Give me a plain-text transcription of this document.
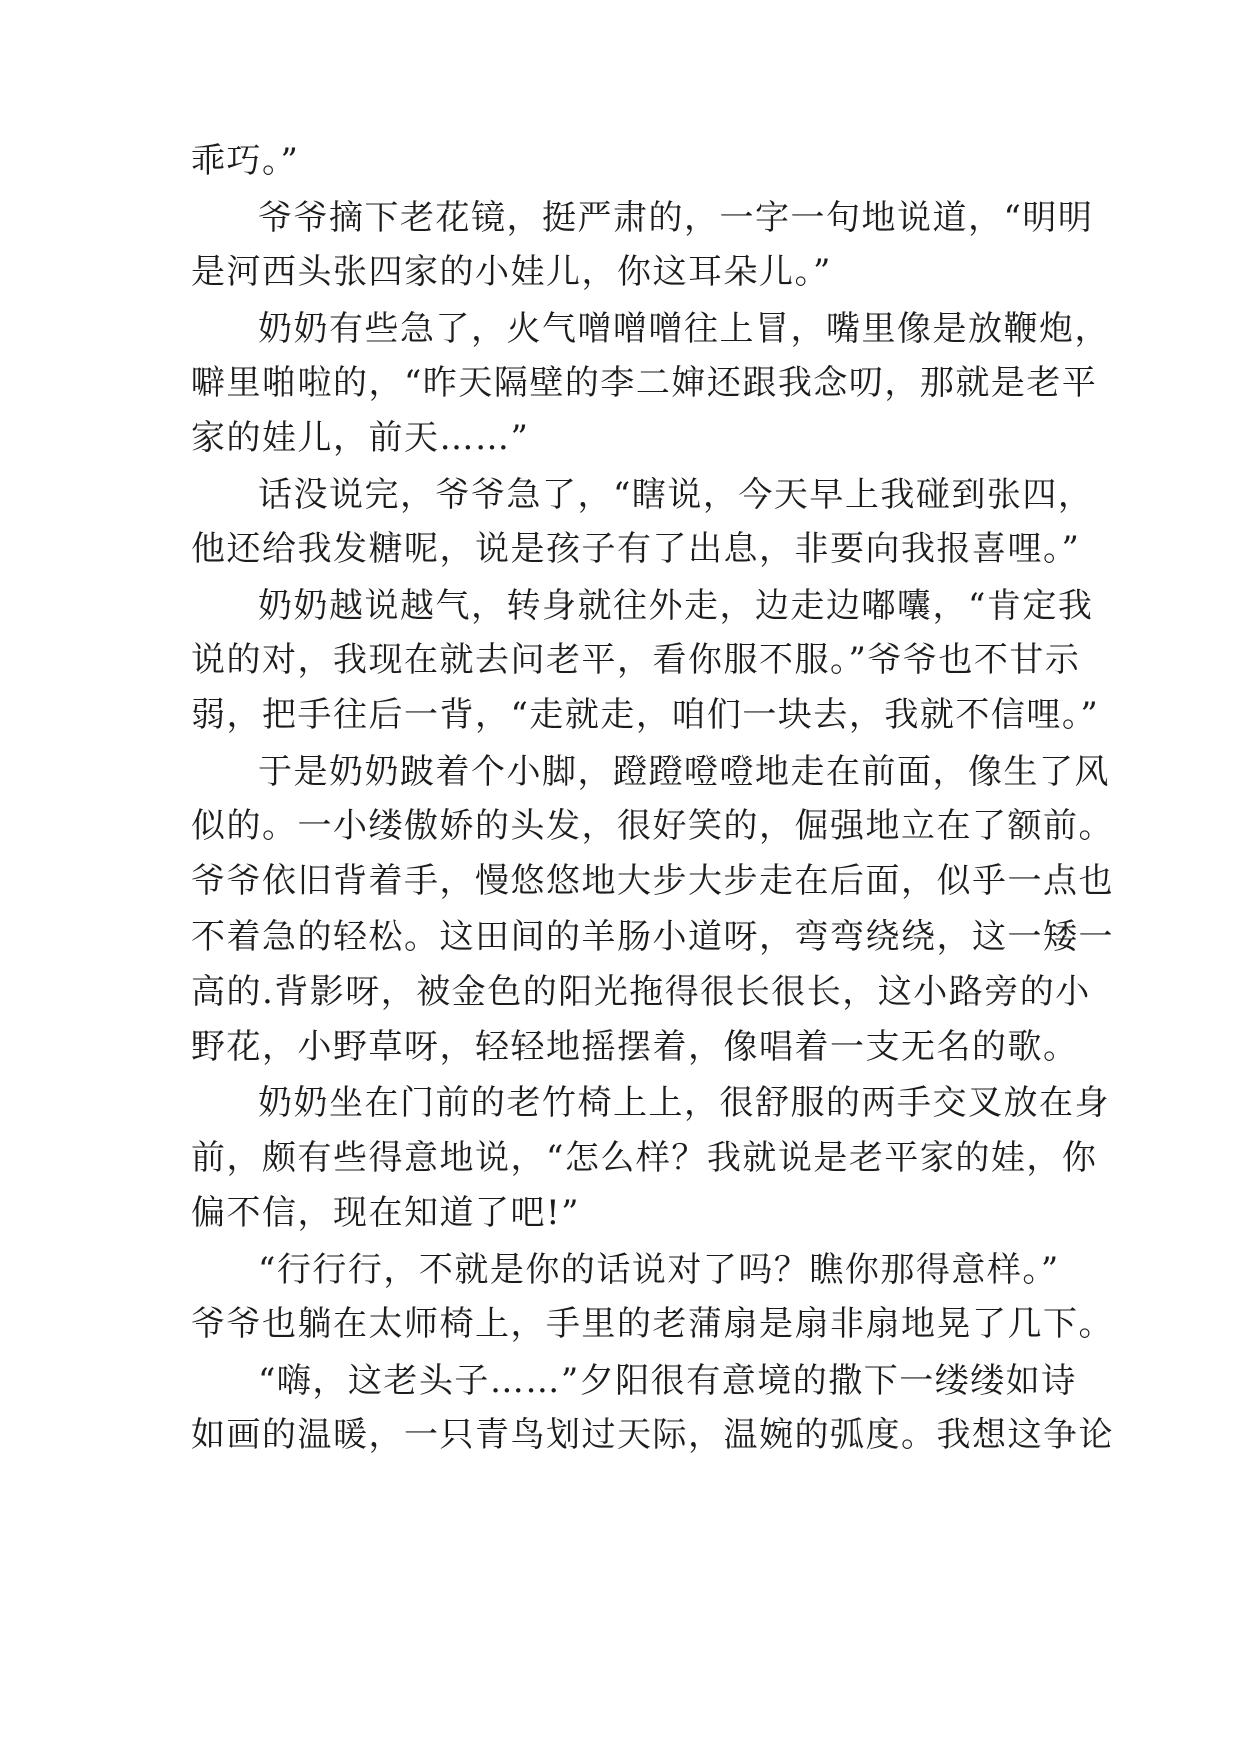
乖巧。”
爷爷摘下老花镜，挺严肃的，一字一句地说道，“明明
是河西头张四家的小娃儿，你这耳朵儿。”
奶奶有些急了，火气噌噌噌往上冒，嘴里像是放鞭炮，
噼里啪啦的，“昨天隔壁的李二婶还跟我念叨，那就是老平
家的娃儿，前天……”
话没说完，爷爷急了，“瞎说，今天早上我碰到张四，
他还给我发糖呢，说是孩子有了出息，非要向我报喜哩。”
奶奶越说越气，转身就往外走，边走边嘟囔，“肯定我
说的对，我现在就去问老平，看你服不服。”爷爷也不甘示
弱，把手往后一背，“走就走，咱们一块去，我就不信哩。”
于是奶奶跛着个小脚，蹬蹬噔噔地走在前面，像生了风
似的。一小缕傲娇的头发，很好笑的，倔强地立在了额前。
爷爷依旧背着手，慢悠悠地大步大步走在后面，似乎一点也
不着急的轻松。这田间的羊肠小道呀，弯弯绕绕，这一矮一
高的.背影呀，被金色的阳光拖得很长很长，这小路旁的小
野花，小野草呀，轻轻地摇摆着，像唱着一支无名的歌。
奶奶坐在门前的老竹椅上上，很舒服的两手交叉放在身
前，颇有些得意地说，“怎么样？我就说是老平家的娃，你
偏不信，现在知道了吧!”
“行行行，不就是你的话说对了吗？瞧你那得意样。”
爷爷也躺在太师椅上，手里的老蒲扇是扇非扇地晃了几下。
“嗨，这老头子……”夕阳很有意境的撒下一缕缕如诗
如画的温暖，一只青鸟划过天际，温婉的弧度。我想这争论
